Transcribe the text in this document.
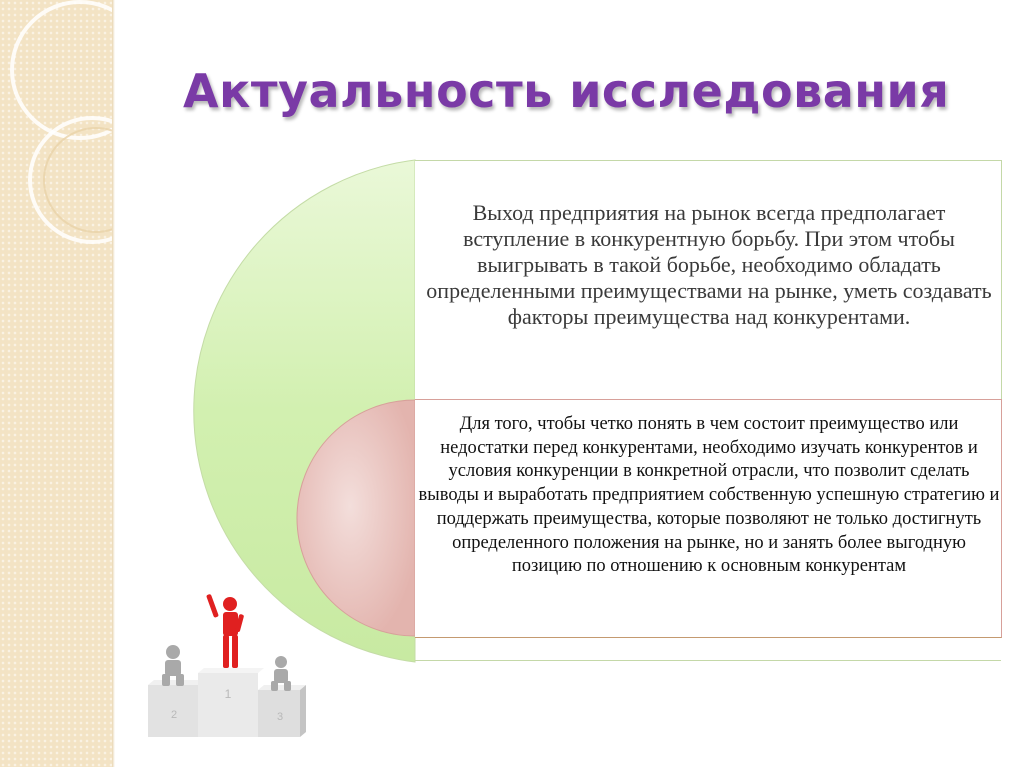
Актуальность исследования
Выход предприятия на рынок всегда предполагает вступление в конкурентную борьбу. При этом чтобы выигрывать в такой борьбе, необходимо обладать определенными преимуществами на рынке, уметь создавать факторы преимущества над конкурентами.
Для того, чтобы четко понять в чем состоит преимущество или недостатки перед конкурентами, необходимо изучать конкурентов и условия конкуренции в конкретной отрасли, что позволит сделать выводы и выработать предприятием собственную успешную стратегию и поддержать преимущества, которые позволяют не только достигнуть определенного положения на рынке, но и занять более выгодную позицию по отношению к основным конкурентам
1
2	3
